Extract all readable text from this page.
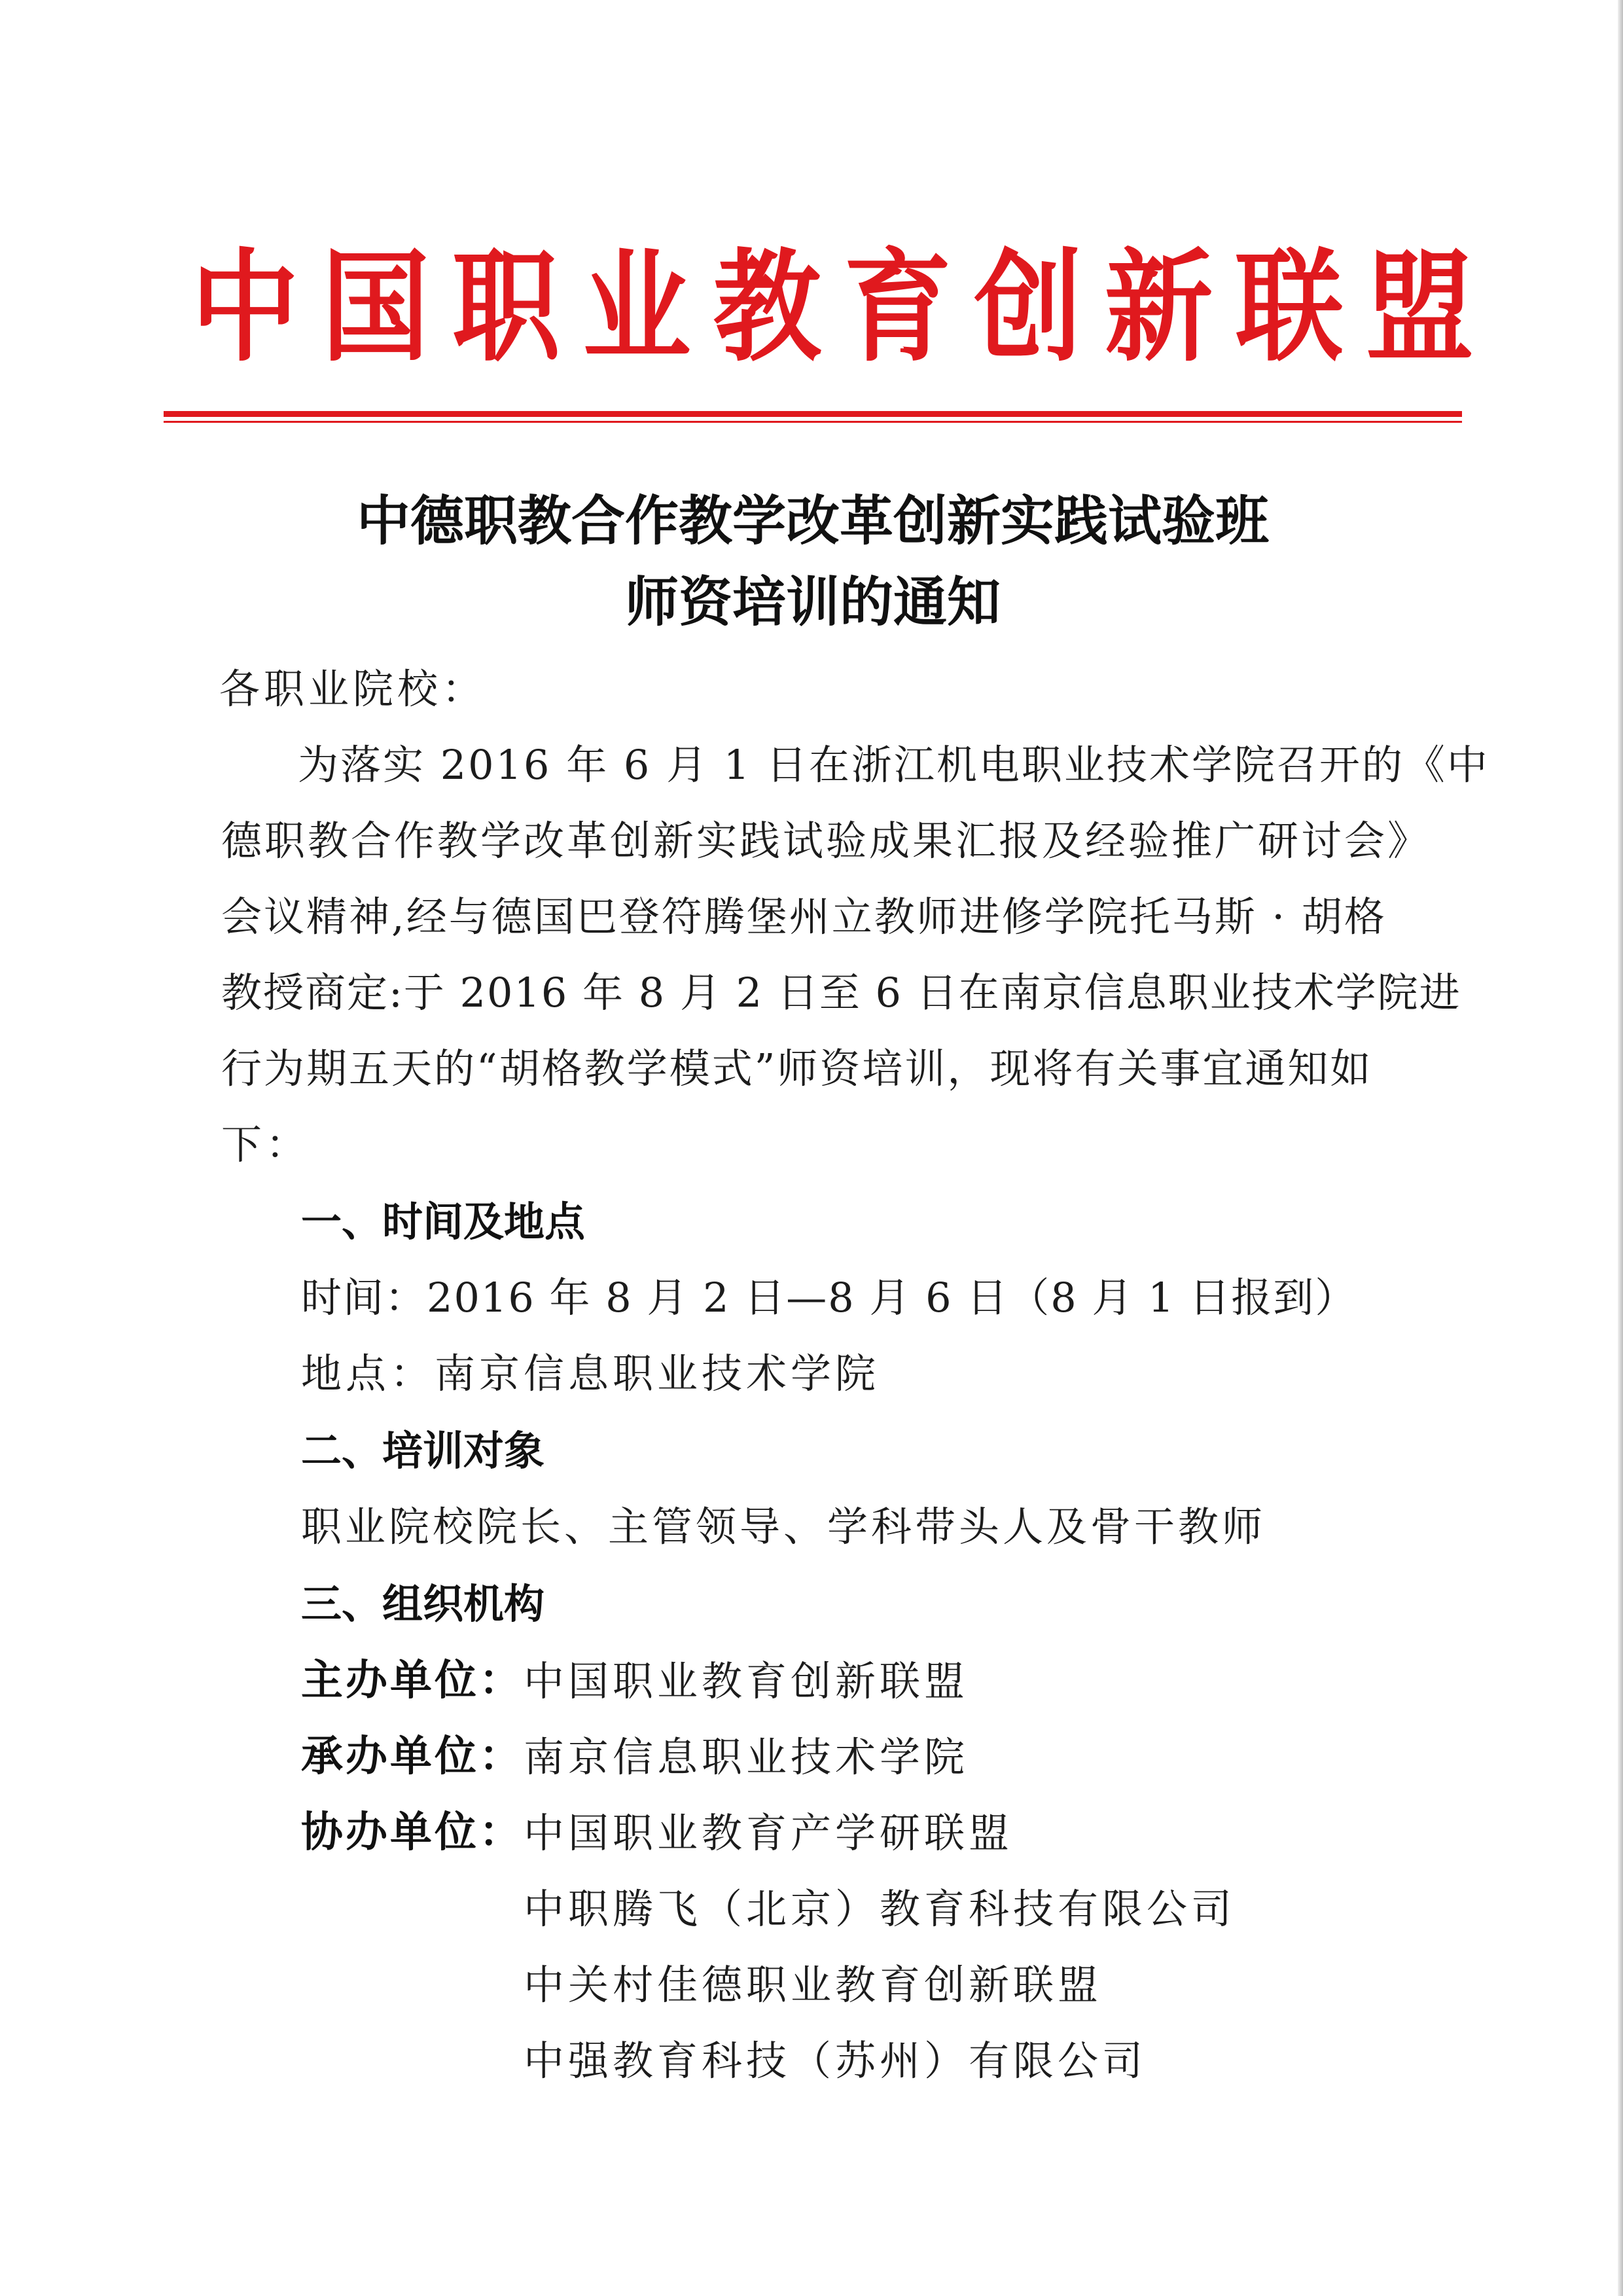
中 国 职 业 教 育 创 新 联 盟
中德职教合作教学改革创新实践试验班
师资培训的通知
各职业院校：
为落实 2016 年 6 月 1 日在浙江机电职业技术学院召开的《中
德职教合作教学改革创新实践试验成果汇报及经验推广研讨会》
会议精神,经与德国巴登符腾堡州立教师进修学院托马斯 · 胡格
教授商定:于 2016 年 8 月 2 日至 6 日在南京信息职业技术学院进
行为期五天的“胡格教学模式”师资培训，现将有关事宜通知如
下：
一、时间及地点
时间：2016 年 8 月 2 日—8 月 6 日（8 月 1 日报到）
地点：南京信息职业技术学院
二、培训对象
职业院校院长、主管领导、学科带头人及骨干教师
三、组织机构
主办单位： 中国职业教育创新联盟
承办单位： 南京信息职业技术学院
协办单位： 中国职业教育产学研联盟
中职腾飞（北京）教育科技有限公司
中关村佳德职业教育创新联盟
中强教育科技（苏州）有限公司
